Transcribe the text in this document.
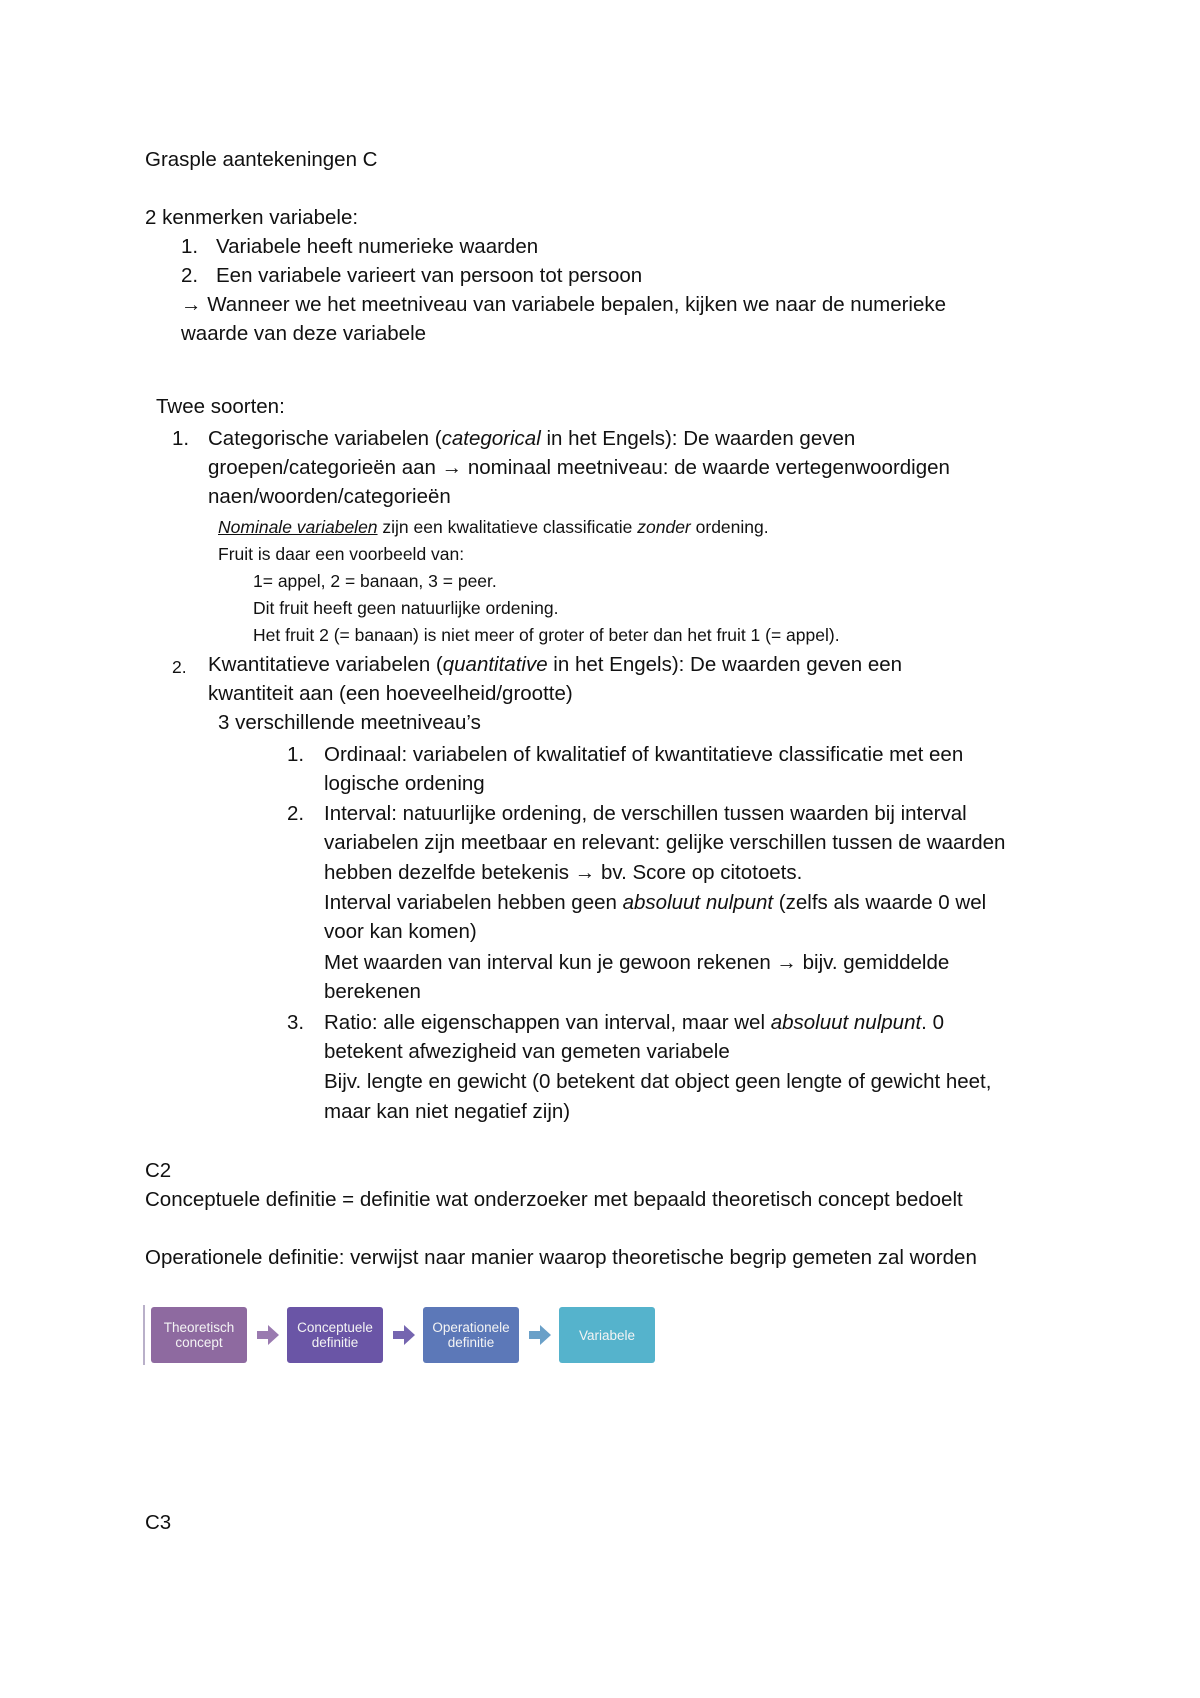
Grasple aantekeningen C
2 kenmerken variabele:
1. Variabele heeft numerieke waarden
2. Een variabele varieert van persoon tot persoon
→ Wanneer we het meetniveau van variabele bepalen, kijken we naar de numerieke
waarde van deze variabele
Twee soorten:
1. Categorische variabelen (categorical in het Engels): De waarden geven
groepen/categorieën aan → nominaal meetniveau: de waarde vertegenwoordigen
naen/woorden/categorieën
Nominale variabelen zijn een kwalitatieve classificatie zonder ordening.
Fruit is daar een voorbeeld van:
1= appel, 2 = banaan, 3 = peer.
Dit fruit heeft geen natuurlijke ordening.
Het fruit 2 (= banaan) is niet meer of groter of beter dan het fruit 1 (= appel).
2. Kwantitatieve variabelen (quantitative in het Engels): De waarden geven een
kwantiteit aan (een hoeveelheid/grootte)
3 verschillende meetniveau’s
1. Ordinaal: variabelen of kwalitatief of kwantitatieve classificatie met een
logische ordening
2. Interval: natuurlijke ordening, de verschillen tussen waarden bij interval
variabelen zijn meetbaar en relevant: gelijke verschillen tussen de waarden
hebben dezelfde betekenis → bv. Score op citotoets.
Interval variabelen hebben geen absoluut nulpunt (zelfs als waarde 0 wel
voor kan komen)
Met waarden van interval kun je gewoon rekenen → bijv. gemiddelde
berekenen
3. Ratio: alle eigenschappen van interval, maar wel absoluut nulpunt. 0
betekent afwezigheid van gemeten variabele
Bijv. lengte en gewicht (0 betekent dat object geen lengte of gewicht heet,
maar kan niet negatief zijn)
C2
Conceptuele definitie = definitie wat onderzoeker met bepaald theoretisch concept bedoelt
Operationele definitie: verwijst naar manier waarop theoretische begrip gemeten zal worden
Theoretisch
concept
Conceptuele
definitie
Operationele
definitie	Variabele
C3
